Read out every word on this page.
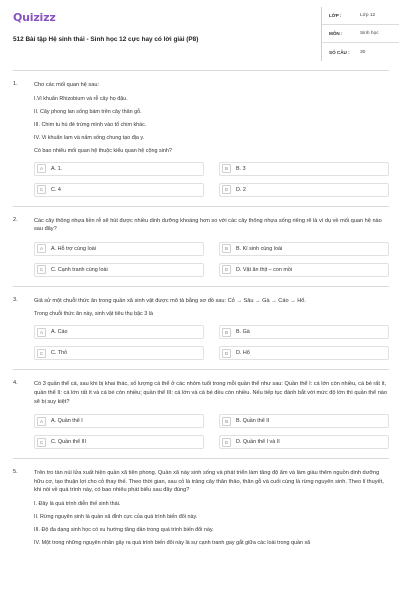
Quizizz
512 Bài tập Hệ sinh thái - Sinh học 12 cực hay có lời giải (P8)
LỚP :	Lớp 12
MÔN :	Sinh học
SỐ CÂU :	30
1.	Cho các mối quan hệ sau:
I.Vi khuẩn Rhizobium và rễ cây họ đậu.
II. Cây phong lan sống bám trên cây thân gỗ.
III. Chim tu hú đẻ trứng mình vào tổ chim khác.
IV. Vi khuẩn lam và nấm sống chung tạo địa y.
Có bao nhiêu mối quan hệ thuộc kiểu quan hệ cộng sinh?
A	A. 1.	B	B. 3
C	C. 4	D	D. 2
2.	Các cây thông nhựa liền rễ sẽ hút được nhiều dinh dưỡng khoáng hơn so với các cây thông nhựa sống riêng rẽ là ví dụ về mối quan hệ nào sau đây?
A	A. Hỗ trợ cùng loài	B	B. Kí sinh cùng loài
C	C. Cạnh tranh cùng loài	D	D. Vật ăn thịt – con mồi
3.	Giả sử một chuỗi thức ăn trong quần xã sinh vật được mô tả bằng sơ đồ sau: Cỏ → Sâu → Gà → Cáo → Hổ.
Trong chuỗi thức ăn này, sinh vật tiêu thụ bậc 3 là
A	A. Cáo	B	B. Gà
C	C. Thỏ	D	D. Hổ
4.	Có 3 quần thể cá, sau khi bị khai thác, số lượng cá thể ở các nhóm tuổi trong mỗi quần thể như sau: Quần thể I: cá lớn còn nhiều, cá bé rất ít, quần thể II: cá lớn rất ít và cá bé còn nhiều; quần thể III: cá lớn và cá bé đều còn nhiều. Nếu tiếp tục đánh bắt với mức độ lớn thì quần thể nào sẽ bị suy kiệt?
A	A. Quần thể I	B	B. Quần thể II
C	C. Quần thể III	D	D. Quần thể I và II
5.	Trên tro tàn núi lửa xuất hiện quần xã tiên phong. Quần xã này sinh sống và phát triển làm tăng độ ẩm và làm giàu thêm nguồn dinh dưỡng hữu cơ, tạo thuận lợi cho cỏ thay thế. Theo thời gian, sau cỏ là trảng cây thân thảo, thân gỗ và cuối cùng là rừng nguyên sinh. Theo lí thuyết, khi nói về quá trình này, có bao nhiêu phát biểu sau đây đúng?
I. Đây là quá trình diễn thế sinh thái.
II. Rừng nguyên sinh là quần xã đỉnh cực của quá trình biến đổi này.
III. Độ đa dạng sinh học có xu hướng tăng dần trong quá trình biến đổi này.
IV. Một trong những nguyên nhân gây ra quá trình biến đổi này là sự cạnh tranh gay gắt giữa các loài trong quần xã
